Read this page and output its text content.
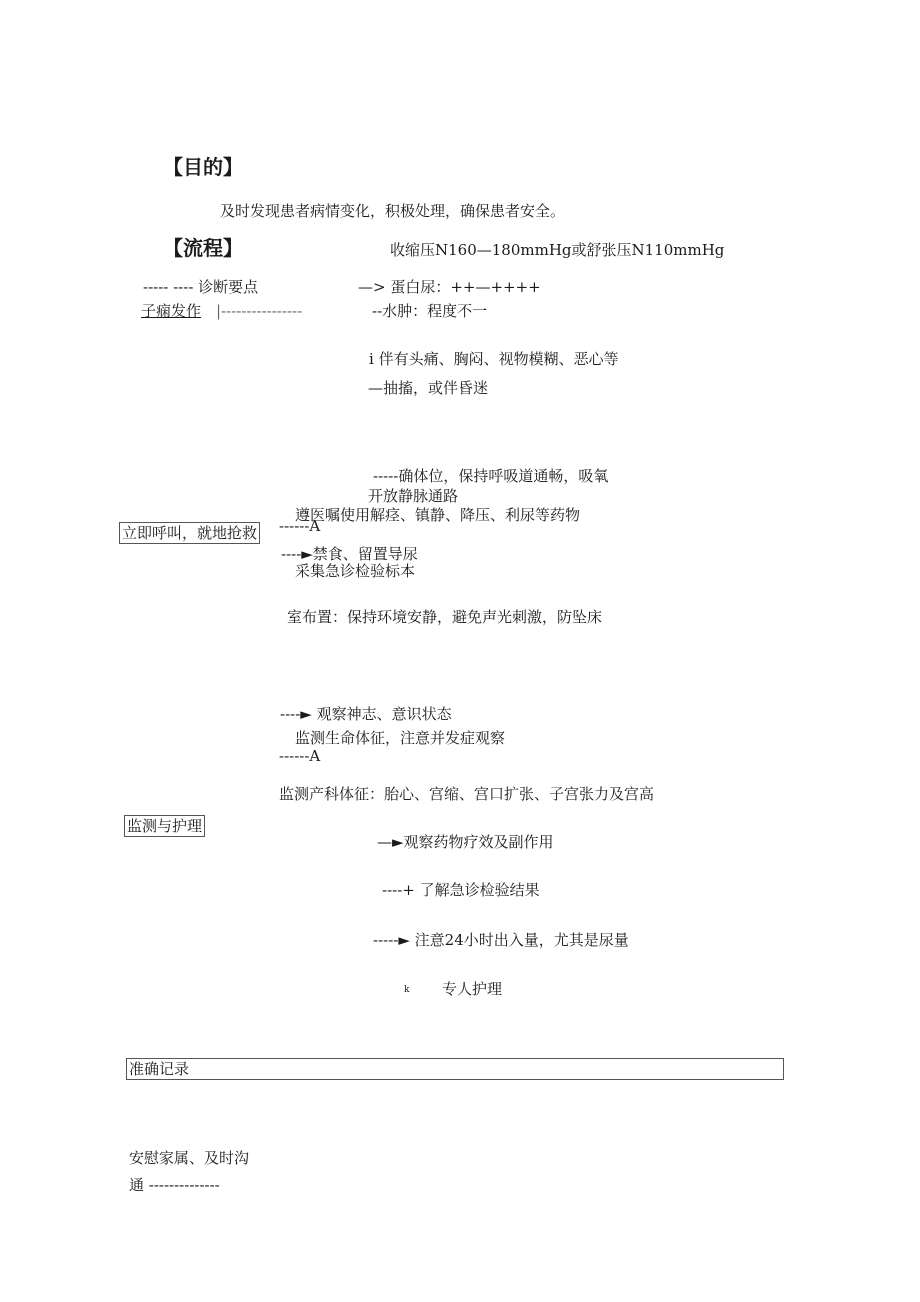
【目的】
及时发现患者病情变化，积极处理，确保患者安全。
【流程】	收缩压N160—180mmHg或舒张压N110mmHg
----- ---- 诊断要点	—> 蛋白尿：++—++++
子痫发作 |----------------	--水肿：程度不一
i 伴有头痛、胸闷、视物模糊、恶心等
—抽搐，或伴昏迷
-----确体位，保持呼吸道通畅，吸氧
开放静脉通路
遵医嘱使用解痉、镇静、降压、利尿等药物
立即呼叫，就地抢救 ------A
----►禁食、留置导尿
采集急诊检验标本
室布置：保持环境安静，避免声光刺激，防坠床
----► 观察神志、意识状态
监测生命体征，注意并发症观察
------A
监测产科体征：胎心、宫缩、宫口扩张、子宫张力及宫高
监测与护理
—►观察药物疗效及副作用
----+ 了解急诊检验结果
-----► 注意24小时出入量，尤其是尿量
k 专人护理
准确记录
安慰家属、及时沟
通 --------------
